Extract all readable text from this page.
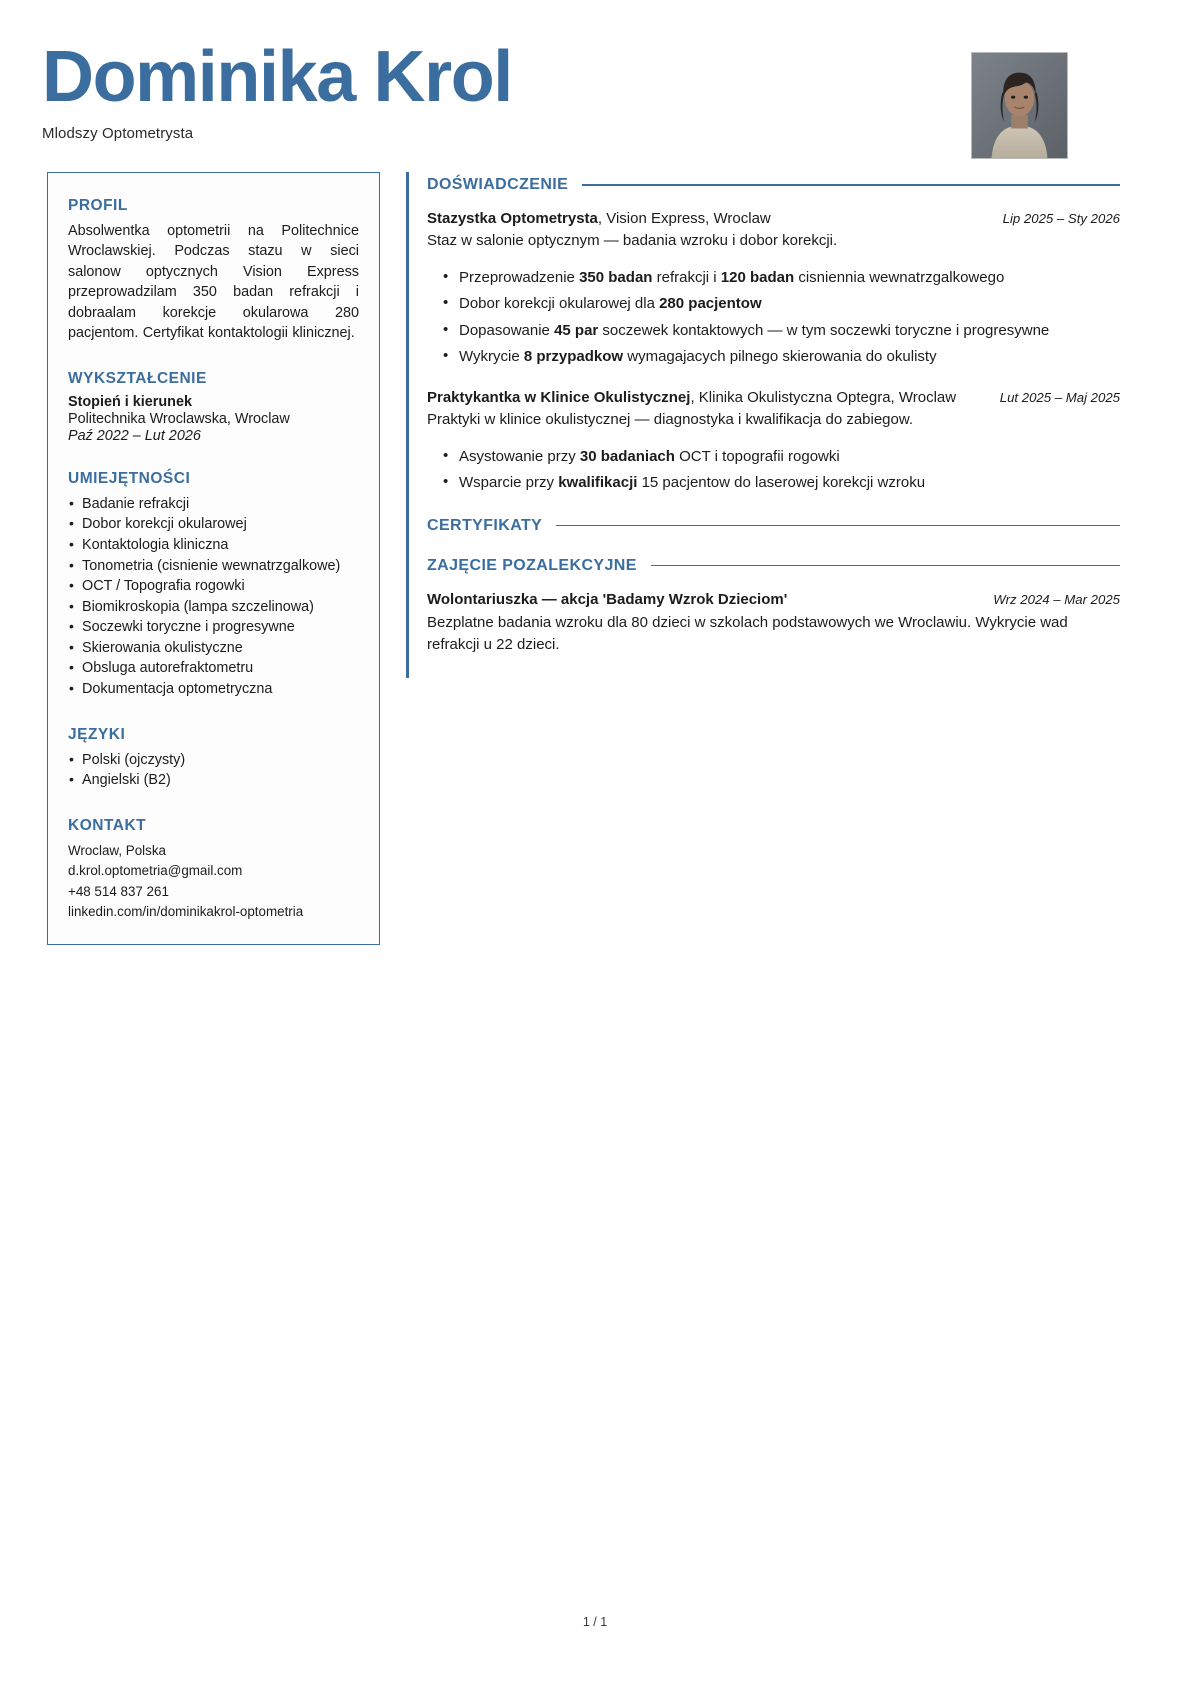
Dominika Krol
Mlodszy Optometrysta
PROFIL

Absolwentka optometrii na Politechnice Wroclawskiej. Podczas stazu w sieci salonow optycznych Vision Express przeprowadzilam 350 badan refrakcji i dobraalam korekcje okularowa 280 pacjentom. Certyfikat kontaktologii klinicznej.

WYKSZTAŁCENIE

Stopień i kierunek

Politechnika Wroclawska, Wroclaw

Paź 2022 – Lut 2026

UMIEJĘTNOŚCI
• Badanie refrakcji
• Dobor korekcji okularowej
• Kontaktologia kliniczna
• Tonometria (cisnienie wewnatrzgalkowe)
• OCT / Topografia rogowki
• Biomikroskopia (lampa szczelinowa)
• Soczewki toryczne i progresywne
• Skierowania okulistyczne
• Obsluga autorefraktometru
• Dokumentacja optometryczna
JĘZYKI
• Polski (ojczysty)
• Angielski (B2)
KONTAKT

Wroclaw, Polska

d.krol.optometria@gmail.com

+48 514 837 261

linkedin.com/in/dominikakrol-optometria

DOŚWIADCZENIE
Stazystka Optometrysta, Vision Express, Wroclaw	Lip 2025 – Sty 2026

Staz w salonie optycznym — badania wzroku i dobor korekcji.

• Przeprowadzenie 350 badan refrakcji i 120 badan cisniennia wewnatrzgalkowego
• Dobor korekcji okularowej dla 280 pacjentow
• Dopasowanie 45 par soczewek kontaktowych — w tym soczewki toryczne i progresywne
• Wykrycie 8 przypadkow wymagajacych pilnego skierowania do okulisty
Praktykantka w Klinice Okulistycznej, Klinika Okulistyczna Optegra, Wroclaw	Lut 2025 – Maj 2025

Praktyki w klinice okulistycznej — diagnostyka i kwalifikacja do zabiegow.

• Asystowanie przy 30 badaniach OCT i topografii rogowki
• Wsparcie przy kwalifikacji 15 pacjentow do laserowej korekcji wzroku
CERTYFIKATY
ZAJĘCIE POZALEKCYJNE
Wolontariuszka — akcja 'Badamy Wzrok Dzieciom'	Wrz 2024 – Mar 2025

Bezplatne badania wzroku dla 80 dzieci w szkolach podstawowych we Wroclawiu. Wykrycie wad refrakcji u 22 dzieci.

1 / 1
